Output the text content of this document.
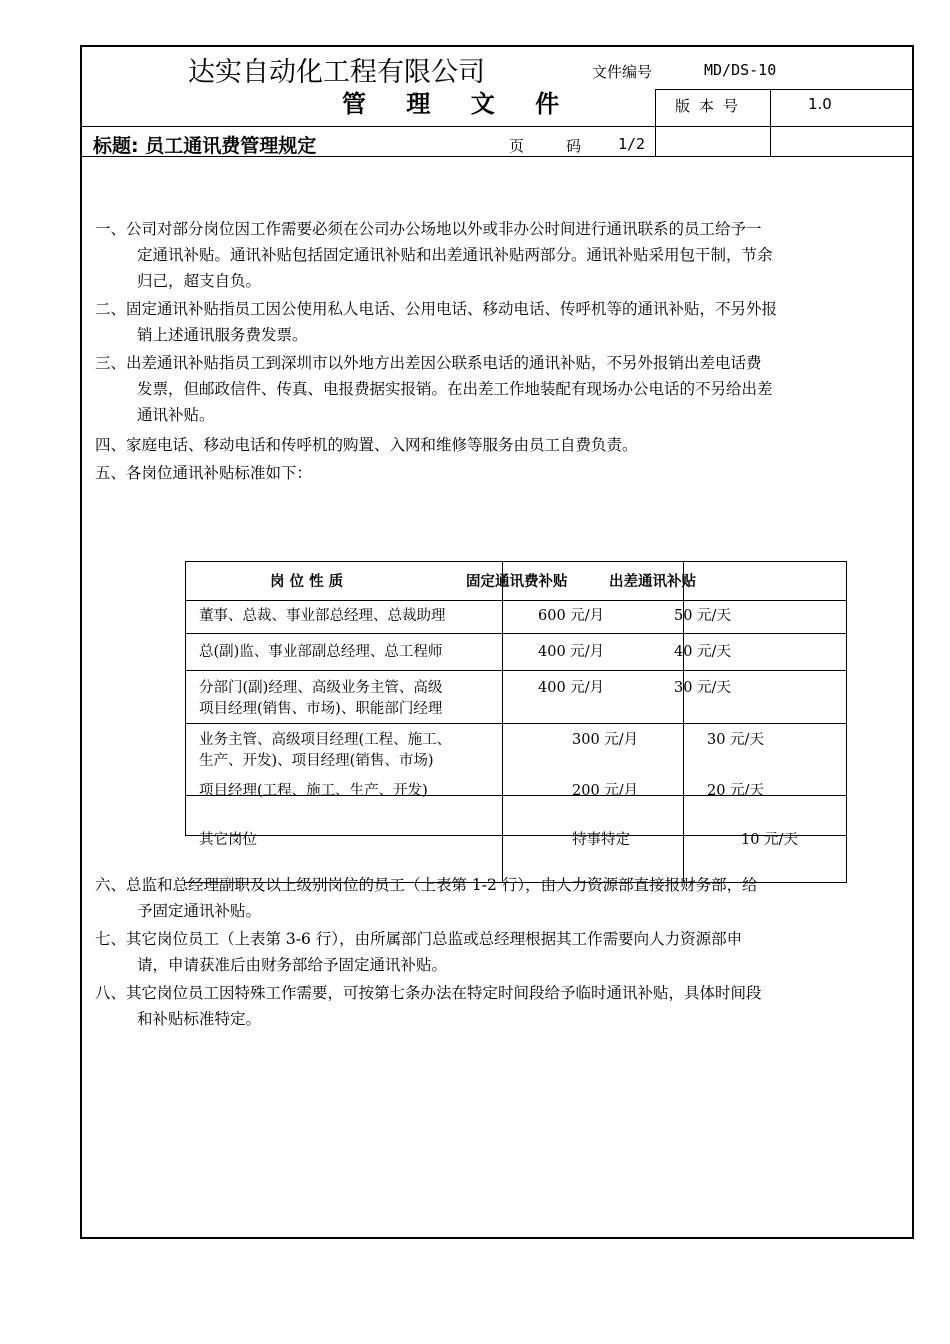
达实自动化工程有限公司
管 理 文 件
文件编号	MD/DS-10
版 本 号	1.0
标题: 员工通讯费管理规定	页	码 1/2
一、公司对部分岗位因工作需要必须在公司办公场地以外或非办公时间进行通讯联系的员工给予一
定通讯补贴。通讯补贴包括固定通讯补贴和出差通讯补贴两部分。通讯补贴采用包干制，节余
归己，超支自负。
二、固定通讯补贴指员工因公使用私人电话、公用电话、移动电话、传呼机等的通讯补贴，不另外报
销上述通讯服务费发票。
三、出差通讯补贴指员工到深圳市以外地方出差因公联系电话的通讯补贴，不另外报销出差电话费
发票，但邮政信件、传真、电报费据实报销。在出差工作地装配有现场办公电话的不另给出差
通讯补贴。
四、家庭电话、移动电话和传呼机的购置、入网和维修等服务由员工自费负责。
五、各岗位通讯补贴标准如下：
岗 位 性 质	固定通讯费补贴	出差通讯补贴
董事、总裁、事业部总经理、总裁助理	600 元/月	50 元/天
总(副)监、事业部副总经理、总工程师	400 元/月	40 元/天
分部门(副)经理、高级业务主管、高级
项目经理(销售、市场)、职能部门经理
400 元/月	30 元/天
业务主管、高级项目经理(工程、施工、
生产、开发)、项目经理(销售、市场)
300 元/月	30 元/天
项目经理(工程、施工、生产、开发)	200 元/月	20 元/天
其它岗位	特事特定	10 元/天
六、总监和总经理副职及以上级别岗位的员工（上表第 1-2 行），由人力资源部直接报财务部，给
予固定通讯补贴。
七、其它岗位员工（上表第 3-6 行），由所属部门总监或总经理根据其工作需要向人力资源部申
请，申请获准后由财务部给予固定通讯补贴。
八、其它岗位员工因特殊工作需要，可按第七条办法在特定时间段给予临时通讯补贴，具体时间段
和补贴标准特定。
